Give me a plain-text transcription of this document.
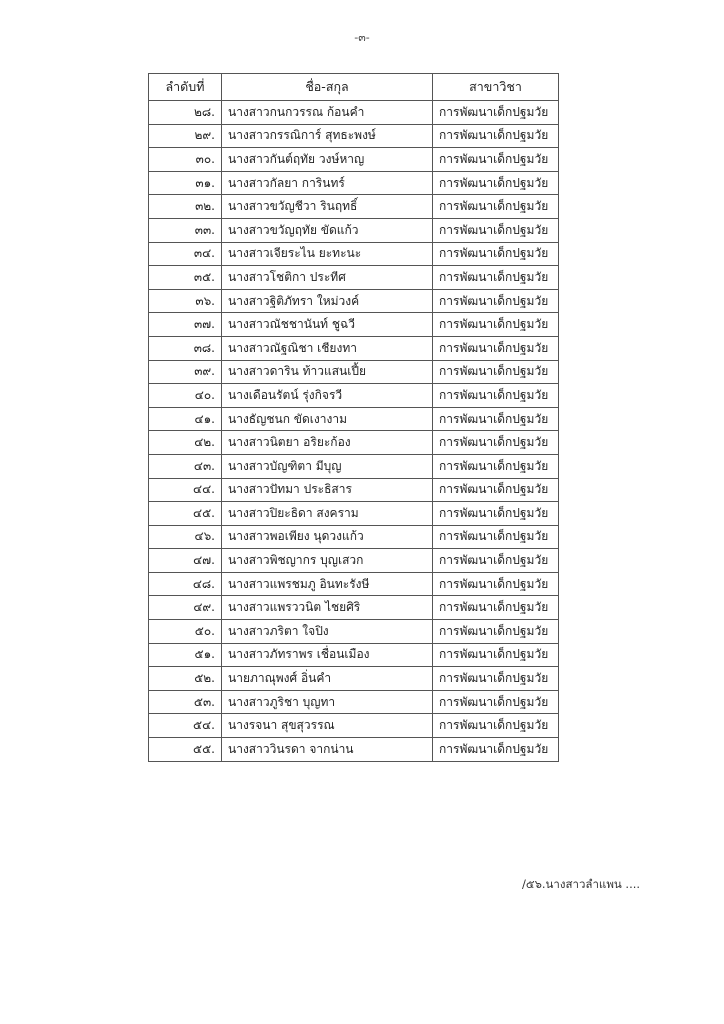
-๓-
ลำดับที่	ชื่อ-สกุล	สาขาวิชา
๒๘.	นางสาวกนกวรรณ ก้อนคำ	การพัฒนาเด็กปฐมวัย
๒๙.	นางสาวกรรณิการ์ สุทธะพงษ์	การพัฒนาเด็กปฐมวัย
๓๐.	นางสาวกันต์ฤทัย วงษ์หาญ	การพัฒนาเด็กปฐมวัย
๓๑.	นางสาวกัลยา การินทร์	การพัฒนาเด็กปฐมวัย
๓๒.	นางสาวขวัญชีวา รินฤทธิ์	การพัฒนาเด็กปฐมวัย
๓๓.	นางสาวขวัญฤทัย ขัดแก้ว	การพัฒนาเด็กปฐมวัย
๓๔.	นางสาวเจียระไน ยะทะนะ	การพัฒนาเด็กปฐมวัย
๓๕.	นางสาวโชติกา ประทีศ	การพัฒนาเด็กปฐมวัย
๓๖.	นางสาวฐิติภัทรา ใหม่วงค์	การพัฒนาเด็กปฐมวัย
๓๗.	นางสาวณัชชานันท์ ชูฉวี	การพัฒนาเด็กปฐมวัย
๓๘.	นางสาวณัฐณิชา เชียงทา	การพัฒนาเด็กปฐมวัย
๓๙.	นางสาวดาริน ท้าวแสนเปี้ย	การพัฒนาเด็กปฐมวัย
๔๐.	นางเดือนรัตน์ รุ่งกิจรวี	การพัฒนาเด็กปฐมวัย
๔๑.	นางธัญชนก ขัดเงางาม	การพัฒนาเด็กปฐมวัย
๔๒.	นางสาวนิตยา อริยะก้อง	การพัฒนาเด็กปฐมวัย
๔๓.	นางสาวบัญฑิตา มีบุญ	การพัฒนาเด็กปฐมวัย
๔๔.	นางสาวปัทมา ประธิสาร	การพัฒนาเด็กปฐมวัย
๔๕.	นางสาวปิยะธิดา สงคราม	การพัฒนาเด็กปฐมวัย
๔๖.	นางสาวพอเพียง นุดวงแก้ว	การพัฒนาเด็กปฐมวัย
๔๗.	นางสาวพิชญากร บุญเสวก	การพัฒนาเด็กปฐมวัย
๔๘.	นางสาวแพรชมภู อินทะรังษี	การพัฒนาเด็กปฐมวัย
๔๙.	นางสาวแพรววนิต ไชยศิริ	การพัฒนาเด็กปฐมวัย
๕๐.	นางสาวภริตา ใจปิง	การพัฒนาเด็กปฐมวัย
๕๑.	นางสาวภัทราพร เชื่อนเมือง	การพัฒนาเด็กปฐมวัย
๕๒.	นายภาณุพงศ์ อิ่นคำ	การพัฒนาเด็กปฐมวัย
๕๓.	นางสาวภูริชา บุญทา	การพัฒนาเด็กปฐมวัย
๕๔.	นางรจนา สุขสุวรรณ	การพัฒนาเด็กปฐมวัย
๕๕.	นางสาววินรดา จากน่าน	การพัฒนาเด็กปฐมวัย
/๕๖.นางสาวลำแพน ....
